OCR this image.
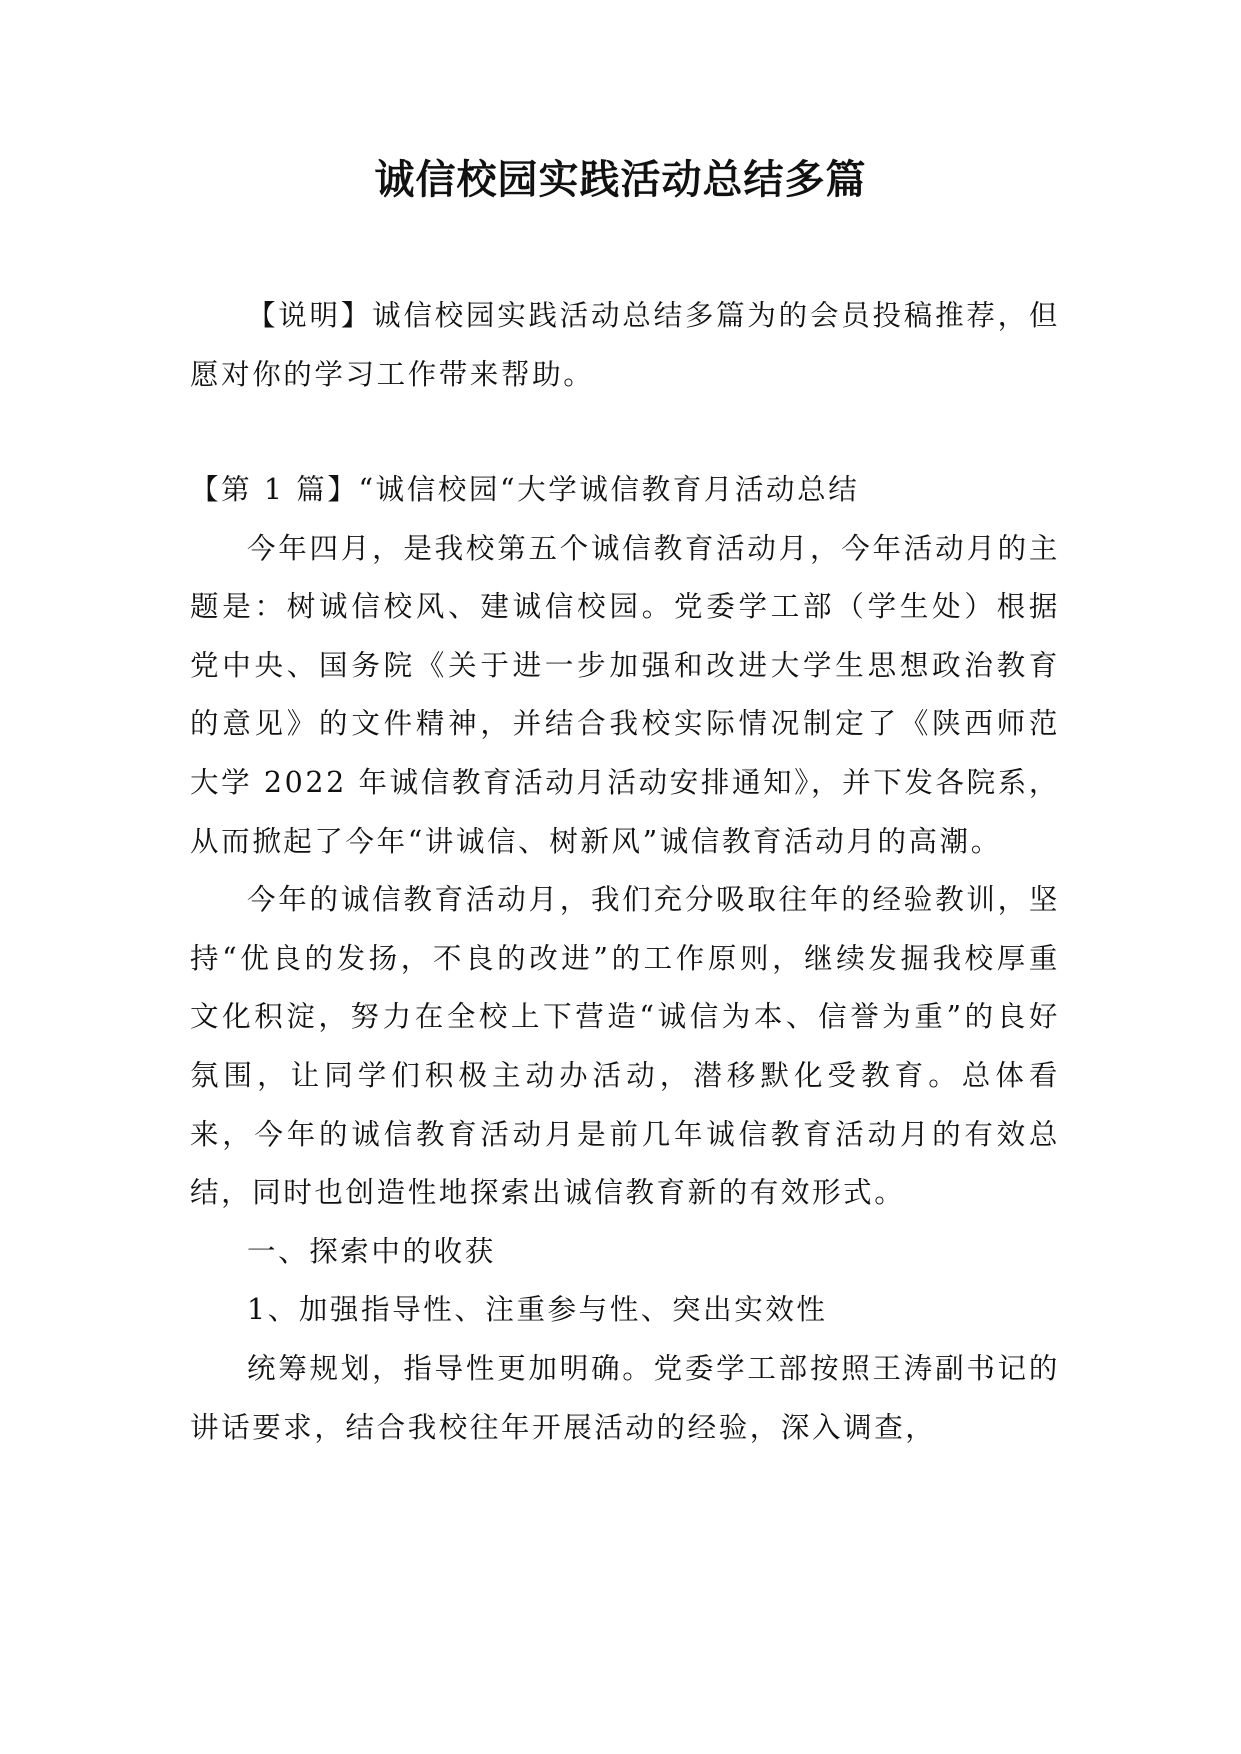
诚信校园实践活动总结多篇

【说明】诚信校园实践活动总结多篇为的会员投稿推荐，但愿对你的学习工作带来帮助。

【第 1 篇】“诚信校园“大学诚信教育月活动总结

今年四月，是我校第五个诚信教育活动月，今年活动月的主题是：树诚信校风、建诚信校园。党委学工部（学生处）根据党中央、国务院《关于进一步加强和改进大学生思想政治教育的意见》的文件精神，并结合我校实际情况制定了《陕西师范大学 2022 年诚信教育活动月活动安排通知》，并下发各院系，从而掀起了今年“讲诚信、树新风”诚信教育活动月的高潮。

今年的诚信教育活动月，我们充分吸取往年的经验教训，坚持“优良的发扬，不良的改进”的工作原则，继续发掘我校厚重文化积淀，努力在全校上下营造“诚信为本、信誉为重”的良好氛围，让同学们积极主动办活动，潜移默化受教育。总体看来，今年的诚信教育活动月是前几年诚信教育活动月的有效总结，同时也创造性地探索出诚信教育新的有效形式。

一、探索中的收获

1、加强指导性、注重参与性、突出实效性

统筹规划，指导性更加明确。党委学工部按照王涛副书记的讲话要求，结合我校往年开展活动的经验，深入调查，
